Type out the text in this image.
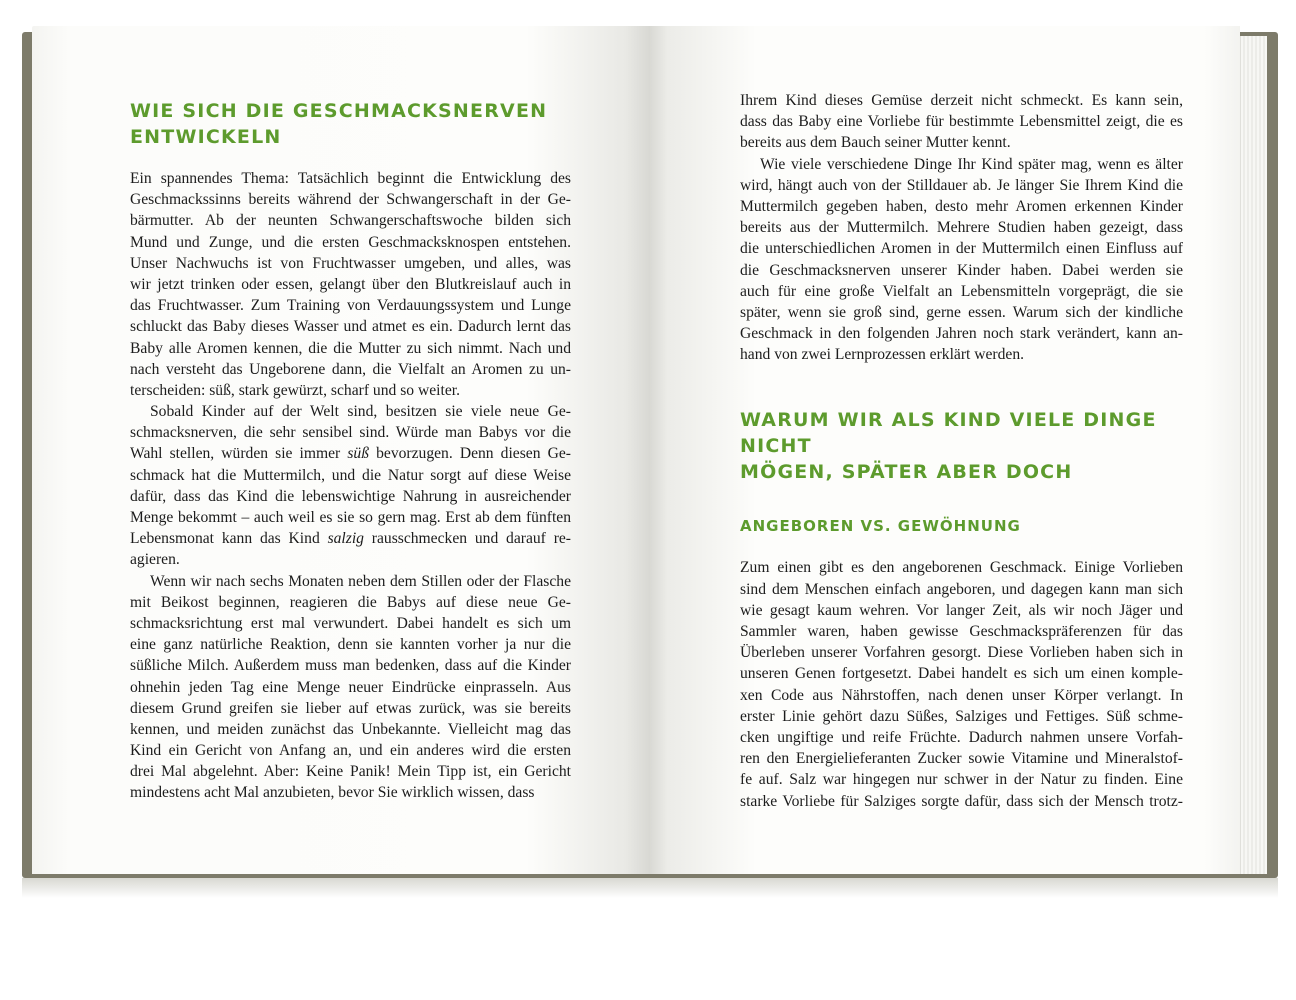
WIE SICH DIE GESCHMACKSNERVEN
ENTWICKELN

Ein spannendes Thema: Tatsächlich beginnt die Entwicklung des
Geschmackssinns bereits während der Schwangerschaft in der Ge-
bärmutter. Ab der neunten Schwangerschaftswoche bilden sich
Mund und Zunge, und die ersten Geschmacksknospen entstehen.
Unser Nachwuchs ist von Fruchtwasser umgeben, und alles, was
wir jetzt trinken oder essen, gelangt über den Blutkreislauf auch in
das Fruchtwasser. Zum Training von Verdauungssystem und Lunge
schluckt das Baby dieses Wasser und atmet es ein. Dadurch lernt das
Baby alle Aromen kennen, die die Mutter zu sich nimmt. Nach und
nach versteht das Ungeborene dann, die Vielfalt an Aromen zu un-
terscheiden: süß, stark gewürzt, scharf und so weiter.
Sobald Kinder auf der Welt sind, besitzen sie viele neue Ge-
schmacksnerven, die sehr sensibel sind. Würde man Babys vor die
Wahl stellen, würden sie immer süß bevorzugen. Denn diesen Ge-
schmack hat die Muttermilch, und die Natur sorgt auf diese Weise
dafür, dass das Kind die lebenswichtige Nahrung in ausreichender
Menge bekommt – auch weil es sie so gern mag. Erst ab dem fünften
Lebensmonat kann das Kind salzig rausschmecken und darauf re-
agieren.
Wenn wir nach sechs Monaten neben dem Stillen oder der Flasche
mit Beikost beginnen, reagieren die Babys auf diese neue Ge-
schmacksrichtung erst mal verwundert. Dabei handelt es sich um
eine ganz natürliche Reaktion, denn sie kannten vorher ja nur die
süßliche Milch. Außerdem muss man bedenken, dass auf die Kinder
ohnehin jeden Tag eine Menge neuer Eindrücke einprasseln. Aus
diesem Grund greifen sie lieber auf etwas zurück, was sie bereits
kennen, und meiden zunächst das Unbekannte. Vielleicht mag das
Kind ein Gericht von Anfang an, und ein anderes wird die ersten
drei Mal abgelehnt. Aber: Keine Panik! Mein Tipp ist, ein Gericht
mindestens acht Mal anzubieten, bevor Sie wirklich wissen, dass
Ihrem Kind dieses Gemüse derzeit nicht schmeckt. Es kann sein,
dass das Baby eine Vorliebe für bestimmte Lebensmittel zeigt, die es
bereits aus dem Bauch seiner Mutter kennt.
Wie viele verschiedene Dinge Ihr Kind später mag, wenn es älter
wird, hängt auch von der Stilldauer ab. Je länger Sie Ihrem Kind die
Muttermilch gegeben haben, desto mehr Aromen erkennen Kinder
bereits aus der Muttermilch. Mehrere Studien haben gezeigt, dass
die unterschiedlichen Aromen in der Muttermilch einen Einfluss auf
die Geschmacksnerven unserer Kinder haben. Dabei werden sie
auch für eine große Vielfalt an Lebensmitteln vorgeprägt, die sie
später, wenn sie groß sind, gerne essen. Warum sich der kindliche
Geschmack in den folgenden Jahren noch stark verändert, kann an-
hand von zwei Lernprozessen erklärt werden.

WARUM WIR ALS KIND VIELE DINGE NICHT
MÖGEN, SPÄTER ABER DOCH

ANGEBOREN VS. GEWÖHNUNG

Zum einen gibt es den angeborenen Geschmack. Einige Vorlieben
sind dem Menschen einfach angeboren, und dagegen kann man sich
wie gesagt kaum wehren. Vor langer Zeit, als wir noch Jäger und
Sammler waren, haben gewisse Geschmackspräferenzen für das
Überleben unserer Vorfahren gesorgt. Diese Vorlieben haben sich in
unseren Genen fortgesetzt. Dabei handelt es sich um einen komple-
xen Code aus Nährstoffen, nach denen unser Körper verlangt. In
erster Linie gehört dazu Süßes, Salziges und Fettiges. Süß schme-
cken ungiftige und reife Früchte. Dadurch nahmen unsere Vorfah-
ren den Energielieferanten Zucker sowie Vitamine und Mineralstof-
fe auf. Salz war hingegen nur schwer in der Natur zu finden. Eine
starke Vorliebe für Salziges sorgte dafür, dass sich der Mensch trotz-
